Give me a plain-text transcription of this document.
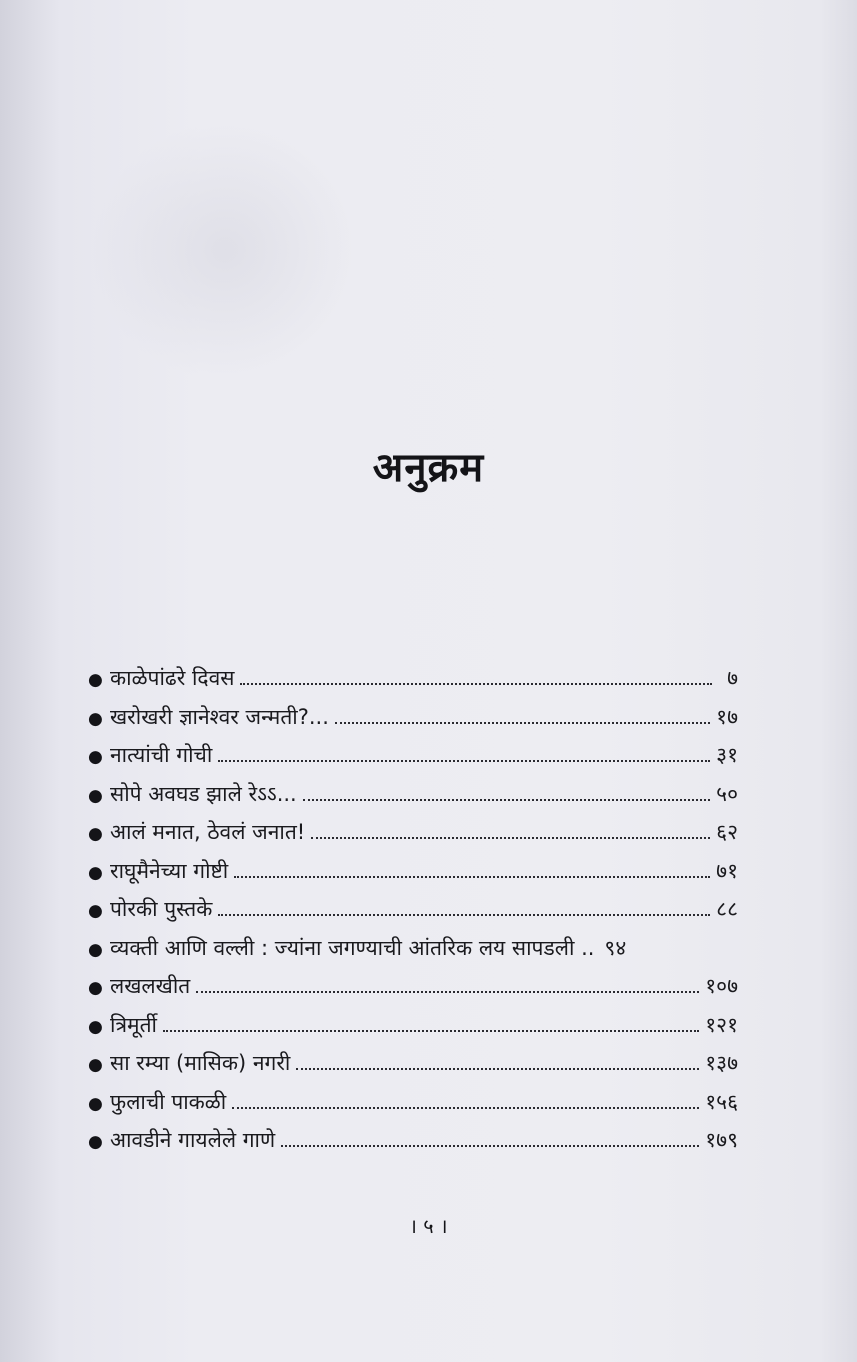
अनुक्रम
● काळेपांढरे दिवस	७
● खरोखरी ज्ञानेश्वर जन्मती?...	१७
● नात्यांची गोची	३१
● सोपे अवघड झाले रेऽऽ...	५०
● आलं मनात, ठेवलं जनात!	६२
● राघूमैनेच्या गोष्टी	७१
● पोरकी पुस्तके	८८
● व्यक्ती आणि वल्ली : ज्यांना जगण्याची आंतरिक लय सापडली .. ९४
● लखलखीत	१०७
● त्रिमूर्ती	१२१
● सा रम्या (मासिक) नगरी	१३७
● फुलाची पाकळी	१५६
● आवडीने गायलेले गाणे	१७९
। ५ ।
